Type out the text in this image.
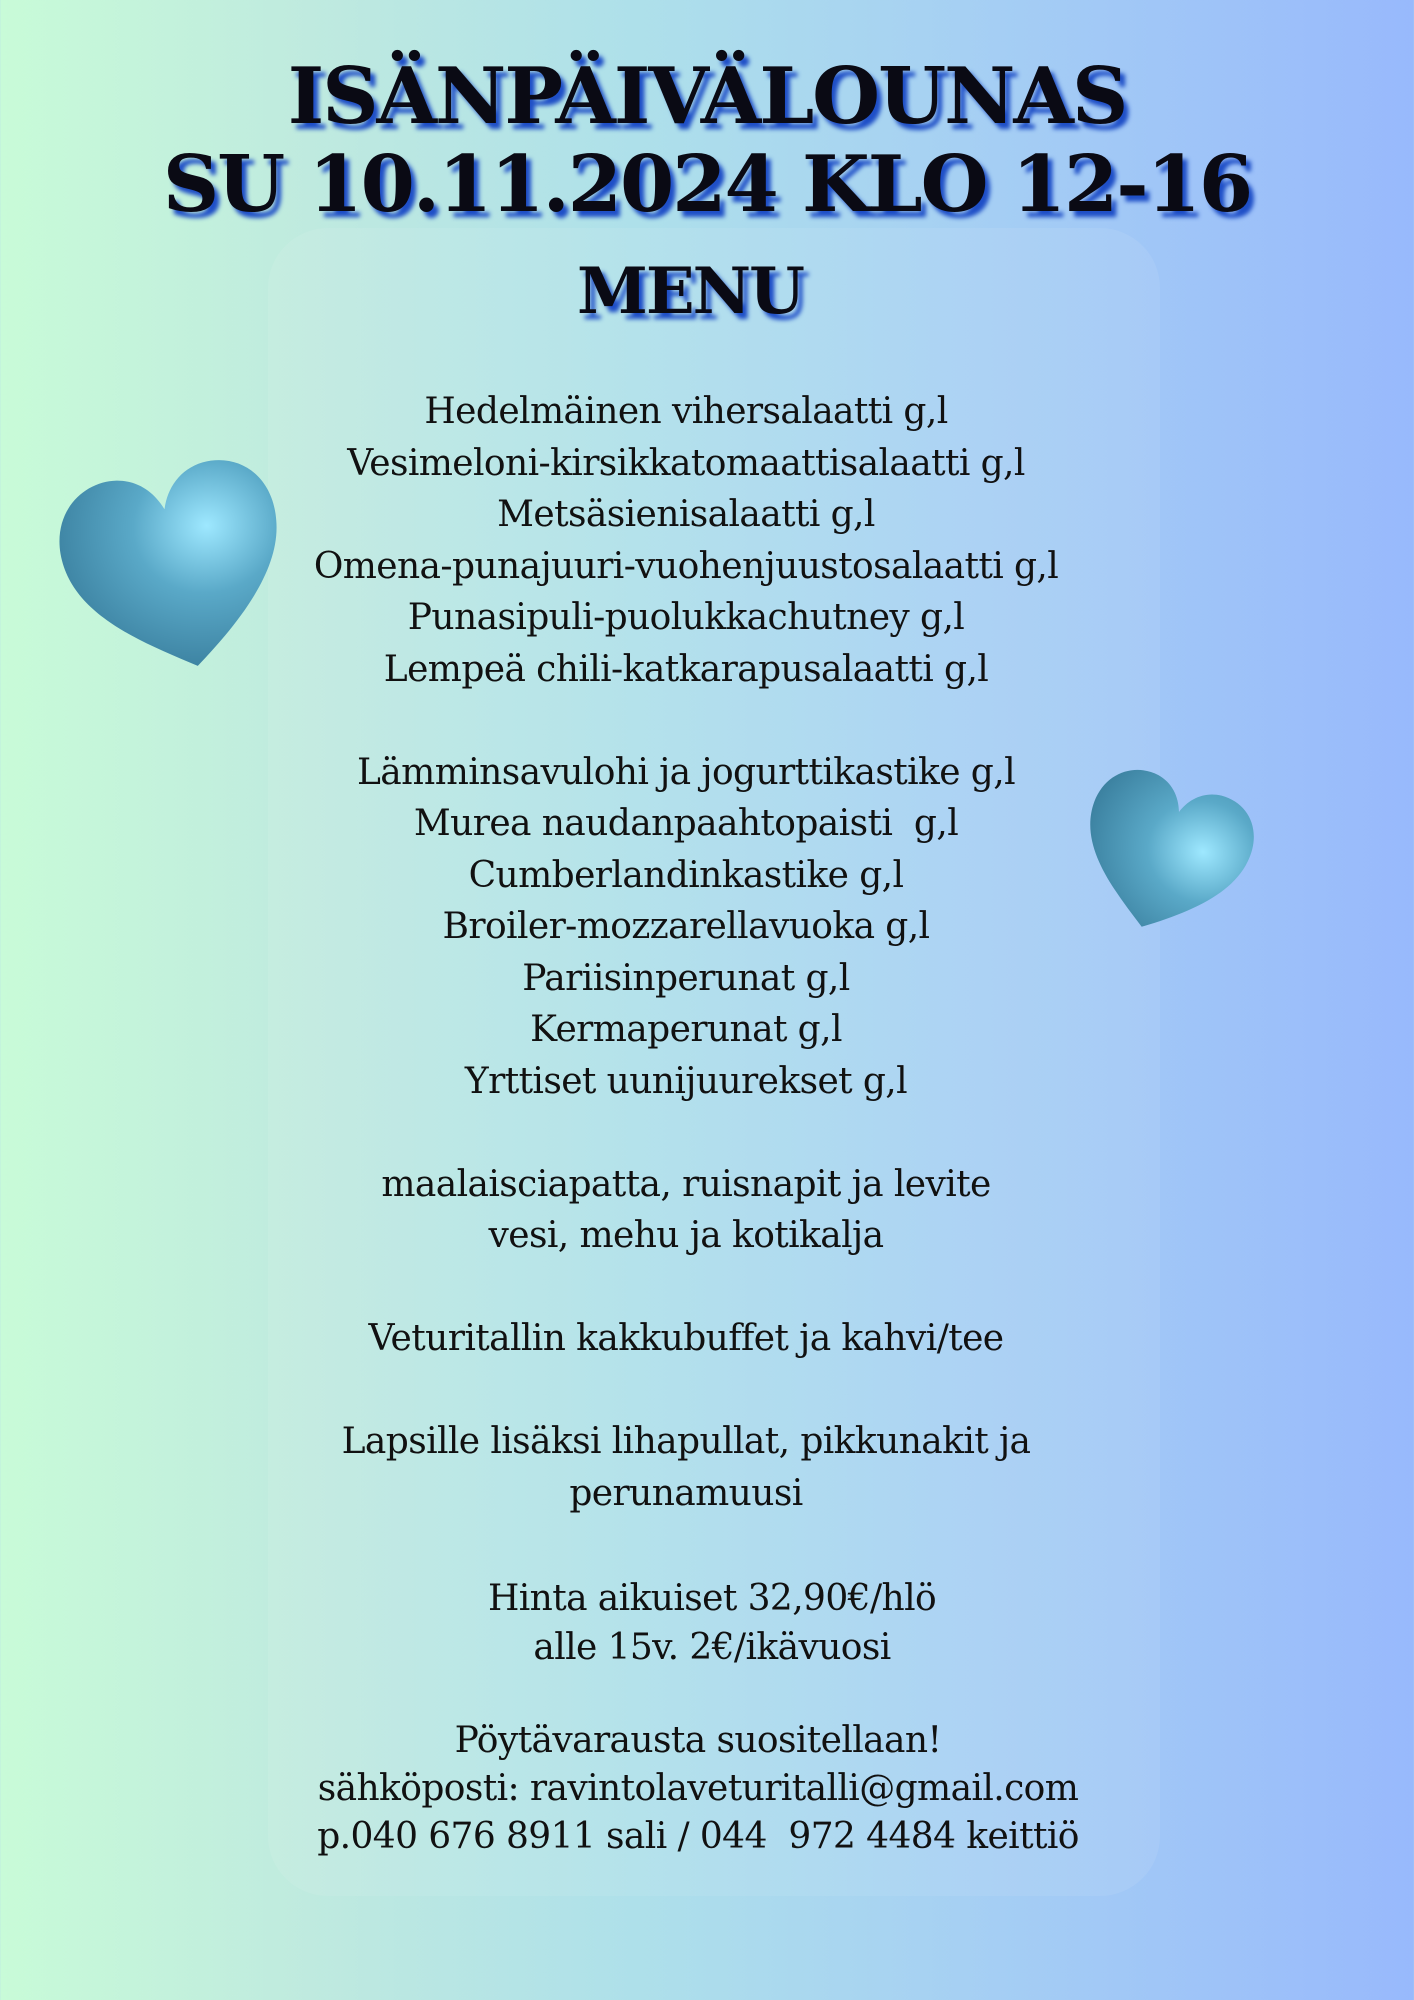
ISÄNPÄIVÄLOUNAS
SU 10.11.2024 KLO 12-16
MENU
Hedelmäinen vihersalaatti g,l
Vesimeloni-kirsikkatomaattisalaatti g,l
Metsäsienisalaatti g,l
Omena-punajuuri-vuohenjuustosalaatti g,l
Punasipuli-puolukkachutney g,l
Lempeä chili-katkarapusalaatti g,l
Lämminsavulohi ja jogurttikastike g,l
Murea naudanpaahtopaisti  g,l
Cumberlandinkastike g,l
Broiler-mozzarellavuoka g,l
Pariisinperunat g,l
Kermaperunat g,l
Yrttiset uunijuurekset g,l
maalaisciapatta, ruisnapit ja levite
vesi, mehu ja kotikalja
Veturitallin kakkubuffet ja kahvi/tee
Lapsille lisäksi lihapullat, pikkunakit ja
perunamuusi
Hinta aikuiset 32,90€/hlö
alle 15v. 2€/ikävuosi
Pöytävarausta suositellaan!
sähköposti: ravintolaveturitalli@gmail.com
p.040 676 8911 sali / 044  972 4484 keittiö
